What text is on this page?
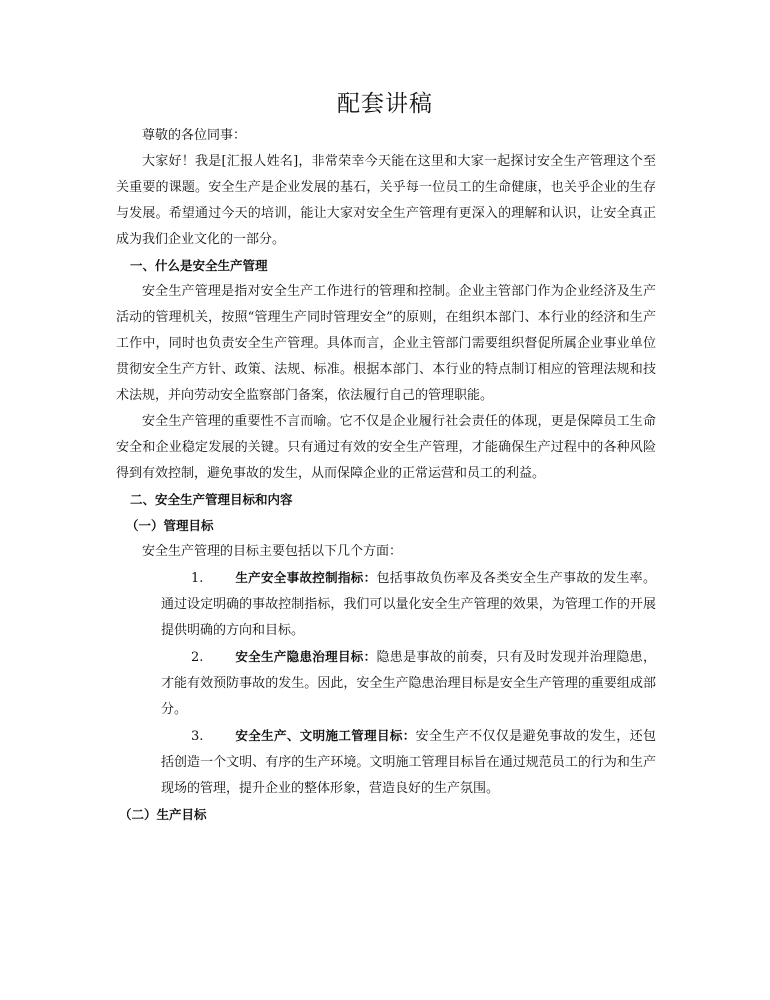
配套讲稿

尊敬的各位同事：

大家好！我是[汇报人姓名]，非常荣幸今天能在这里和大家一起探讨安全生产管理这个至关重要的课题。安全生产是企业发展的基石，关乎每一位员工的生命健康，也关乎企业的生存与发展。希望通过今天的培训，能让大家对安全生产管理有更深入的理解和认识，让安全真正成为我们企业文化的一部分。

一、什么是安全生产管理

安全生产管理是指对安全生产工作进行的管理和控制。企业主管部门作为企业经济及生产活动的管理机关，按照“管理生产同时管理安全”的原则，在组织本部门、本行业的经济和生产工作中，同时也负责安全生产管理。具体而言，企业主管部门需要组织督促所属企业事业单位贯彻安全生产方针、政策、法规、标准。根据本部门、本行业的特点制订相应的管理法规和技术法规，并向劳动安全监察部门备案，依法履行自己的管理职能。

安全生产管理的重要性不言而喻。它不仅是企业履行社会责任的体现，更是保障员工生命安全和企业稳定发展的关键。只有通过有效的安全生产管理，才能确保生产过程中的各种风险得到有效控制，避免事故的发生，从而保障企业的正常运营和员工的利益。

二、安全生产管理目标和内容

（一）管理目标

安全生产管理的目标主要包括以下几个方面：

1.	生产安全事故控制指标：包括事故负伤率及各类安全生产事故的发生率。通过设定明确的事故控制指标，我们可以量化安全生产管理的效果，为管理工作的开展提供明确的方向和目标。

2.	安全生产隐患治理目标：隐患是事故的前奏，只有及时发现并治理隐患，才能有效预防事故的发生。因此，安全生产隐患治理目标是安全生产管理的重要组成部分。

3.	安全生产、文明施工管理目标：安全生产不仅仅是避免事故的发生，还包括创造一个文明、有序的生产环境。文明施工管理目标旨在通过规范员工的行为和生产现场的管理，提升企业的整体形象，营造良好的生产氛围。

（二）生产目标
